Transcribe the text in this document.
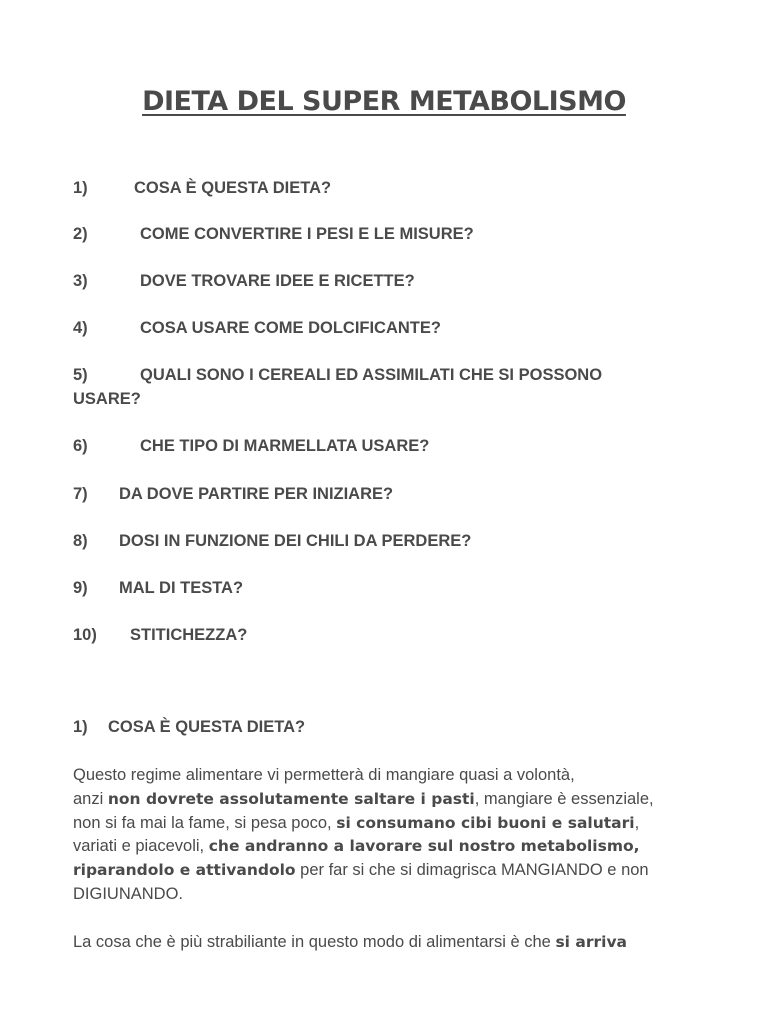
DIETA DEL SUPER METABOLISMO
1)	COSA È QUESTA DIETA?
2)	COME CONVERTIRE I PESI E LE MISURE?
3)	DOVE TROVARE IDEE E RICETTE?
4)	COSA USARE COME DOLCIFICANTE?
5)	QUALI SONO I CEREALI ED ASSIMILATI CHE SI POSSONO
USARE?
6)	CHE TIPO DI MARMELLATA USARE?
7) DA DOVE PARTIRE PER INIZIARE?
8) DOSI IN FUNZIONE DEI CHILI DA PERDERE?
9) MAL DI TESTA?
10) STITICHEZZA?
1) COSA È QUESTA DIETA?

Questo regime alimentare vi permetterà di mangiare quasi a volontà,
anzi non dovrete assolutamente saltare i pasti, mangiare è essenziale,
non si fa mai la fame, si pesa poco, si consumano cibi buoni e salutari,
variati e piacevoli, che andranno a lavorare sul nostro metabolismo,
riparandolo e attivandolo per far si che si dimagrisca MANGIANDO e non
DIGIUNANDO.

La cosa che è più strabiliante in questo modo di alimentarsi è che si arriva
